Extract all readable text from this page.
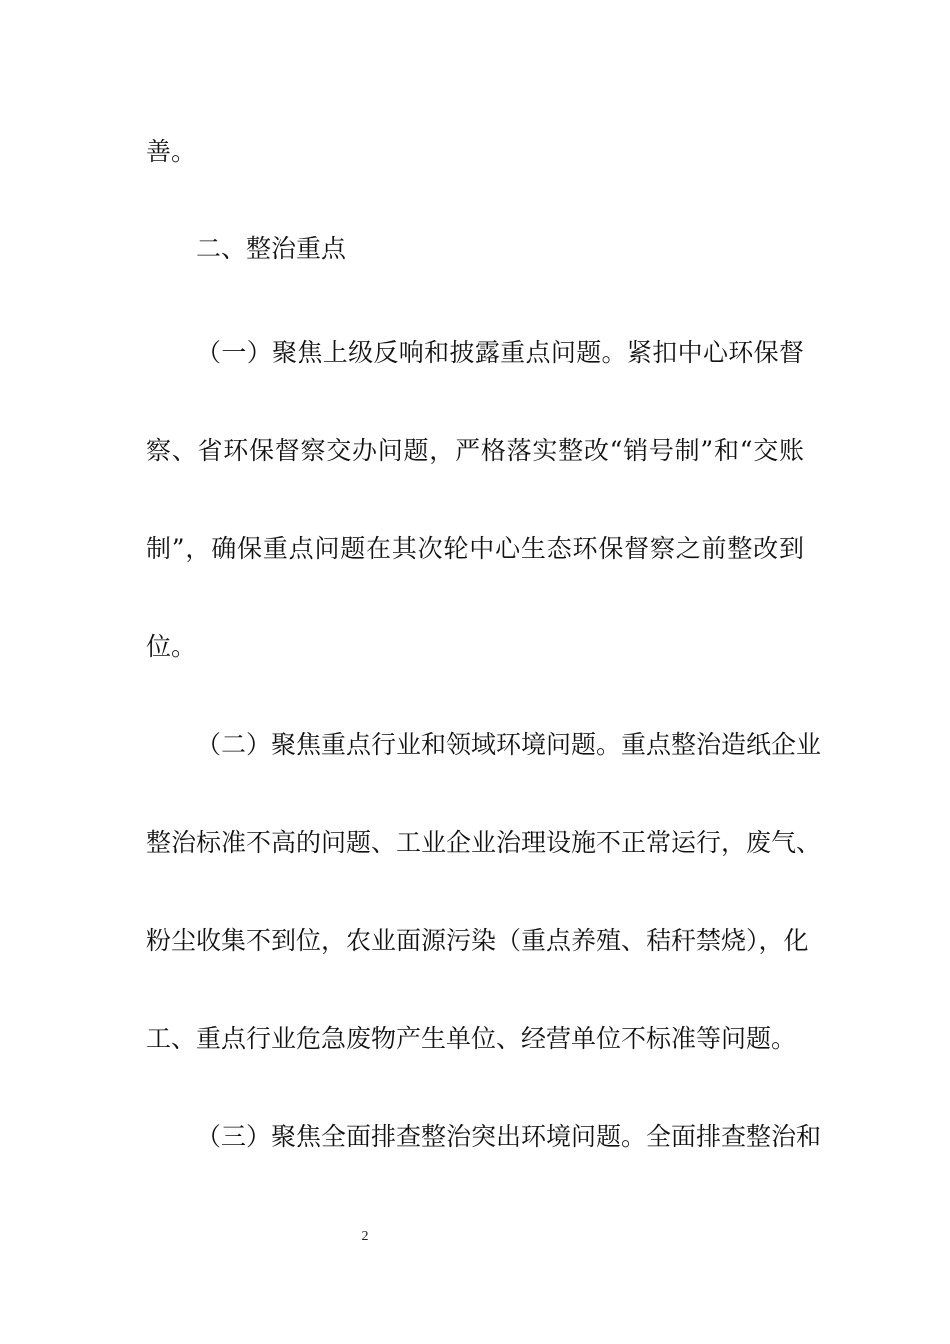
善。
二、整治重点
（一）聚焦上级反响和披露重点问题。紧扣中心环保督
察、省环保督察交办问题，严格落实整改“销号制”和“交账
制”，确保重点问题在其次轮中心生态环保督察之前整改到
位。
（二）聚焦重点行业和领域环境问题。重点整治造纸企业
整治标准不高的问题、工业企业治理设施不正常运行，废气、
粉尘收集不到位，农业面源污染（重点养殖、秸秆禁烧），化
工、重点行业危急废物产生单位、经营单位不标准等问题。
（三）聚焦全面排查整治突出环境问题。全面排查整治和
2
